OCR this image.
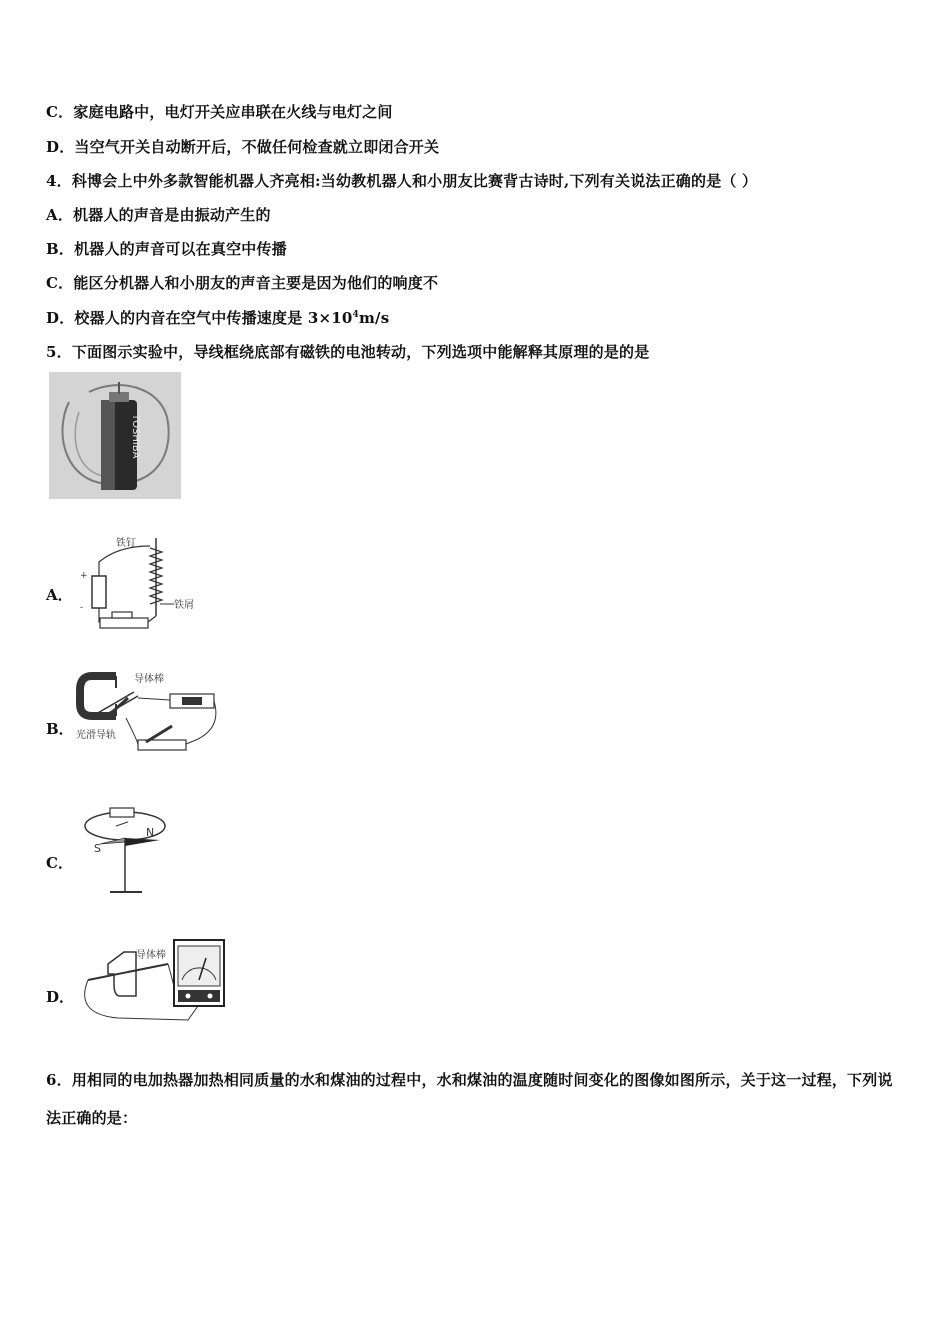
C．家庭电路中，电灯开关应串联在火线与电灯之间
D．当空气开关自动断开后，不做任何检查就立即闭合开关
4．科博会上中外多款智能机器人齐亮相:当幼教机器人和小朋友比赛背古诗时,下列有关说法正确的是（ ）
A．机器人的声音是由振动产生的
B．机器人的声音可以在真空中传播
C．能区分机器人和小朋友的声音主要是因为他们的响度不
D．校器人的内音在空气中传播速度是 $3\times 10^4m/s$
5．下面图示实验中，导线框绕底部有磁铁的电池转动，下列选项中能解释其原理的是的是
TOSHIBA
A．
+
-
铁钉
铁屑
B．
导体棒
光滑导轨
C．
S
N
D．
导体棒
6．用相同的电加热器加热相同质量的水和煤油的过程中，水和煤油的温度随时间变化的图像如图所示，关于这一过程，下列说法正确的是：
